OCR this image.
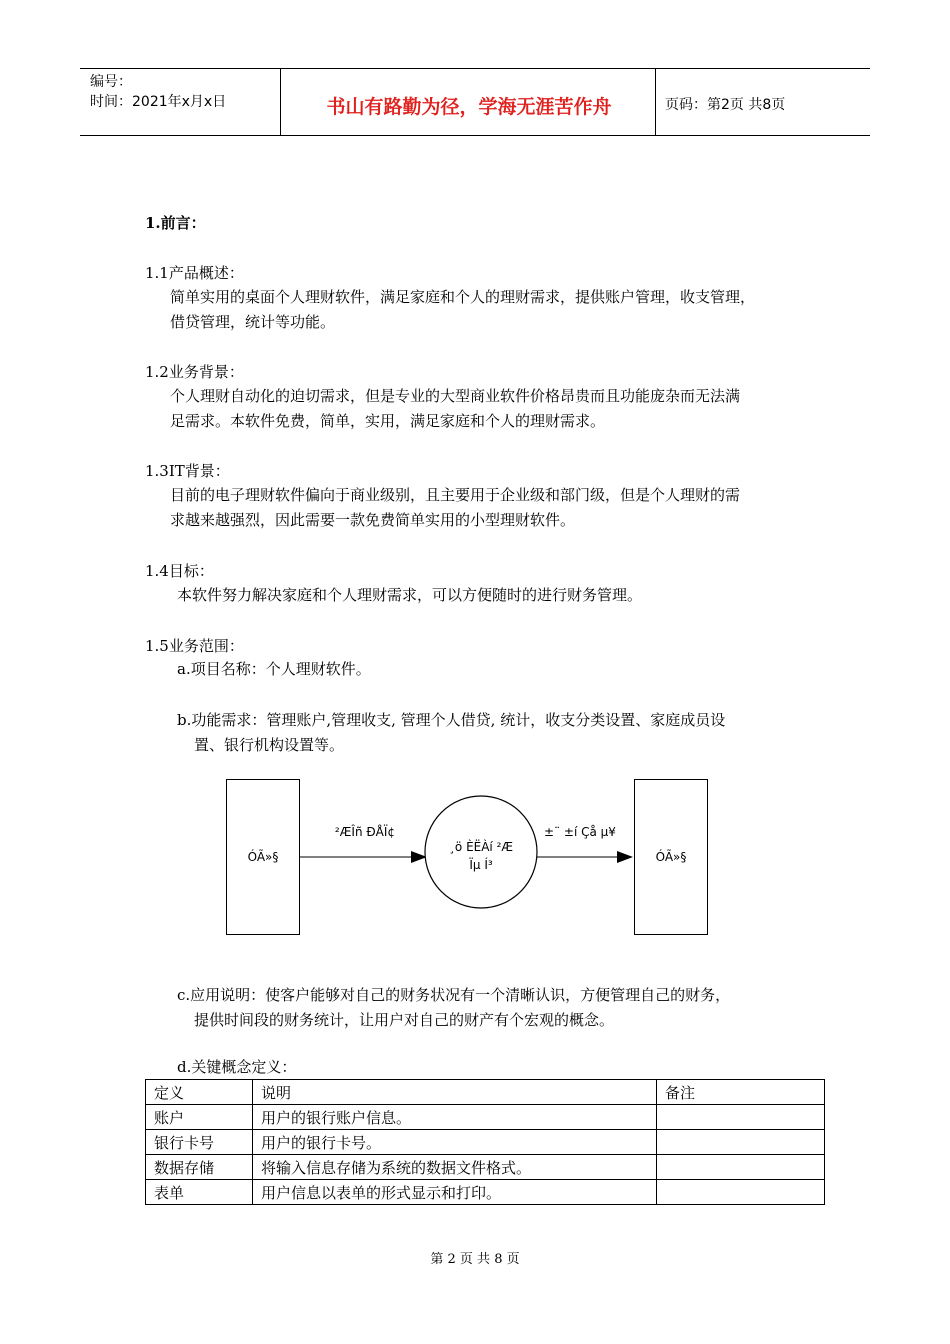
编号：
时间：2021年x月x日	书山有路勤为径，学海无涯苦作舟	页码：第2页 共8页
1.前言：
1.1产品概述：
简单实用的桌面个人理财软件，满足家庭和个人的理财需求，提供账户管理，收支管理，
借贷管理，统计等功能。
1.2业务背景：
个人理财自动化的迫切需求，但是专业的大型商业软件价格昂贵而且功能庞杂而无法满
足需求。本软件免费，简单，实用，满足家庭和个人的理财需求。
1.3IT背景：
目前的电子理财软件偏向于商业级别，且主要用于企业级和部门级，但是个人理财的需
求越来越强烈，因此需要一款免费简单实用的小型理财软件。
1.4目标：
本软件努力解决家庭和个人理财需求，可以方便随时的进行财务管理。
1.5业务范围：
a.项目名称：个人理财软件。
b.功能需求：管理账户,管理收支, 管理个人借贷, 统计，收支分类设置、家庭成员设
置、银行机构设置等。
ÓÃ»§	ÓÃ»§
²ÆÎñ ÐÅÏ¢
¸ö ÈËÀí ²Æ
Ïµ Í³
±¨ ±í Çå µ¥
c.应用说明：使客户能够对自己的财务状况有一个清晰认识，方便管理自己的财务，
提供时间段的财务统计，让用户对自己的财产有个宏观的概念。
d.关键概念定义：
定义	说明	备注
账户	用户的银行账户信息。	
银行卡号	用户的银行卡号。	
数据存储	将输入信息存储为系统的数据文件格式。	
表单	用户信息以表单的形式显示和打印。	
第 2 页 共 8 页
